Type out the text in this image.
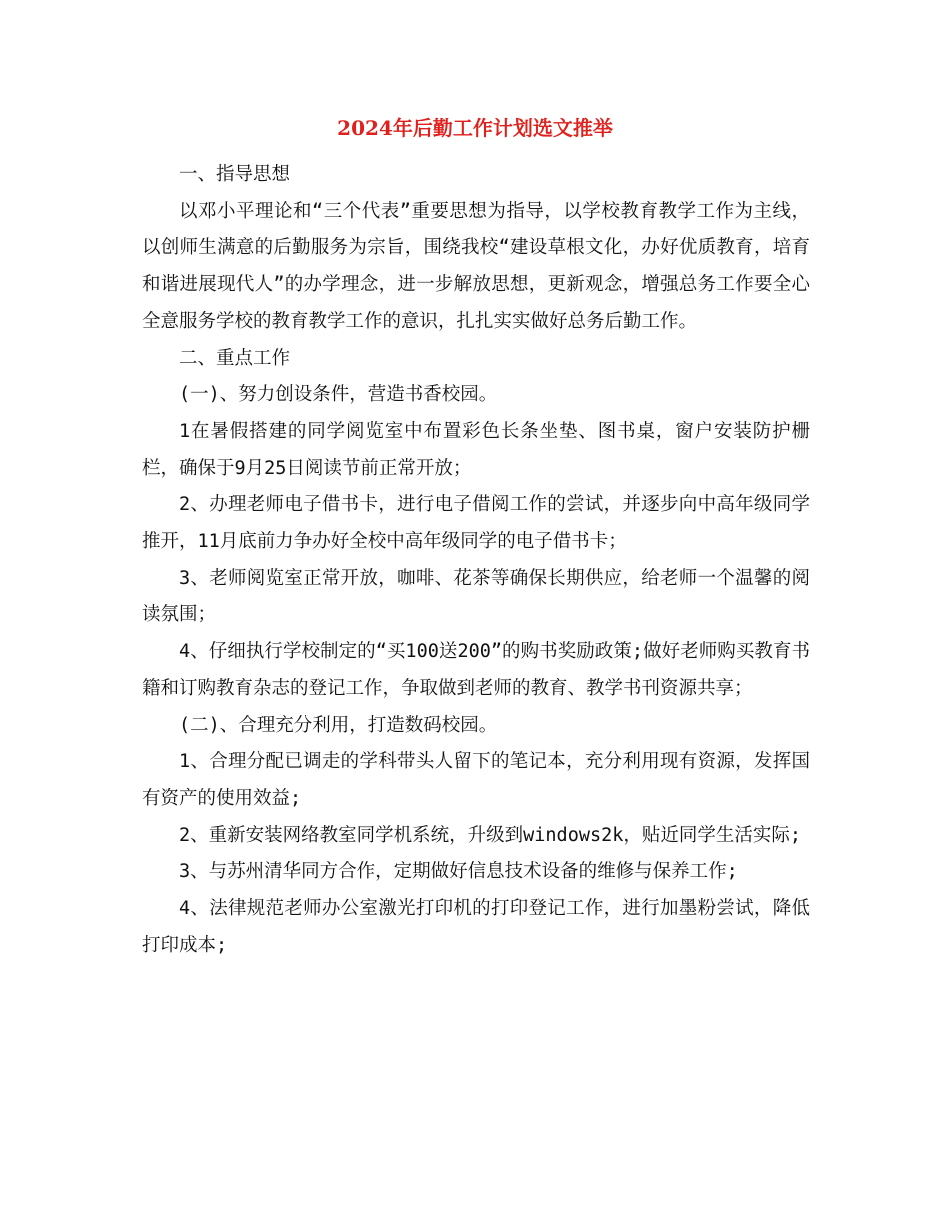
2024年后勤工作计划选文推举

一、指导思想

以邓小平理论和“三个代表”重要思想为指导，以学校教育教学工作为主线，以创师生满意的后勤服务为宗旨，围绕我校“建设草根文化，办好优质教育，培育和谐进展现代人”的办学理念，进一步解放思想，更新观念，增强总务工作要全心全意服务学校的教育教学工作的意识，扎扎实实做好总务后勤工作。

二、重点工作

(一)、努力创设条件，营造书香校园。

1在暑假搭建的同学阅览室中布置彩色长条坐垫、图书桌，窗户安装防护栅栏，确保于9月25日阅读节前正常开放；

2、办理老师电子借书卡，进行电子借阅工作的尝试，并逐步向中高年级同学推开，11月底前力争办好全校中高年级同学的电子借书卡；

3、老师阅览室正常开放，咖啡、花茶等确保长期供应，给老师一个温馨的阅读氛围；

4、仔细执行学校制定的“买100送200”的购书奖励政策;做好老师购买教育书籍和订购教育杂志的登记工作，争取做到老师的教育、教学书刊资源共享；

(二)、合理充分利用，打造数码校园。

1、合理分配已调走的学科带头人留下的笔记本，充分利用现有资源，发挥国有资产的使用效益;

2、重新安装网络教室同学机系统，升级到windows2k，贴近同学生活实际;

3、与苏州清华同方合作，定期做好信息技术设备的维修与保养工作;

4、法律规范老师办公室激光打印机的打印登记工作，进行加墨粉尝试，降低打印成本;
